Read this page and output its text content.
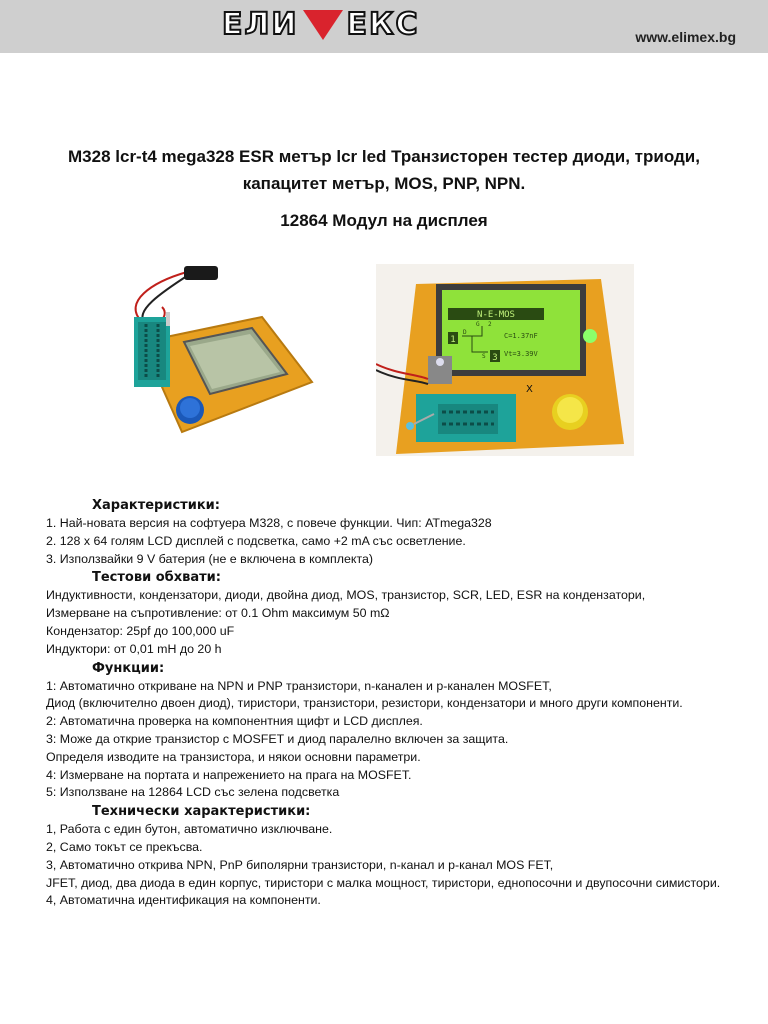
ЕЛИ ЕКС	www.elimex.bg
M328 lcr-t4 mega328 ESR метър lcr led Транзисторен тестер диоди, триоди, капацитет метър, MOS, PNP, NPN.
12864 Модул на дисплея
N-E-MOS
1
3
D
S
G 2
C=1.37nF
Vt=3.39V
Ⅹ

Характеристики:

1. Най-новата версия на софтуера М328, с повече функции. Чип: ATmega328

2. 128 х 64 голям LCD дисплей с подсветка, само +2 mA със осветление.

3. Използвайки 9 V батерия (не е включена в комплекта)

Тестови обхвати:

Индуктивности, кондензатори, диоди, двойна диод, MOS, транзистор, SCR, LED, ESR на кондензатори,

Измерване на съпротивление: от 0.1 Ohm максимум 50 mΩ

Кондензатор: 25pf до 100,000 uF

Индуктори: от 0,01 mH до 20 h

Функции:

1: Автоматично откриване на NPN и PNP транзистори, n-канален и p-канален MOSFET,

Диод (включително двоен диод), тиристори, транзистори, резистори, кондензатори и много други компоненти.

2: Автоматична проверка на компонентния щифт и LCD дисплея.

3: Може да открие транзистор с MOSFET и диод паралелно включен за защита.

Определя изводите на транзистора, и някои основни параметри.

4: Измерване на портата и напрежението на прага на MOSFET.

5: Използване на 12864 LCD със зелена подсветка

Технически характеристики:

1, Работа с един бутон, автоматично изключване.

2, Само токът се прекъсва.

3, Автоматично открива NPN, PnP биполярни транзистори, n-канал и p-канал MOS FET,

JFET, диод, два диода в един корпус, тиристори с малка мощност, тиристори, еднопосочни и двупосочни симистори.

4, Автоматична идентификация на компоненти.
